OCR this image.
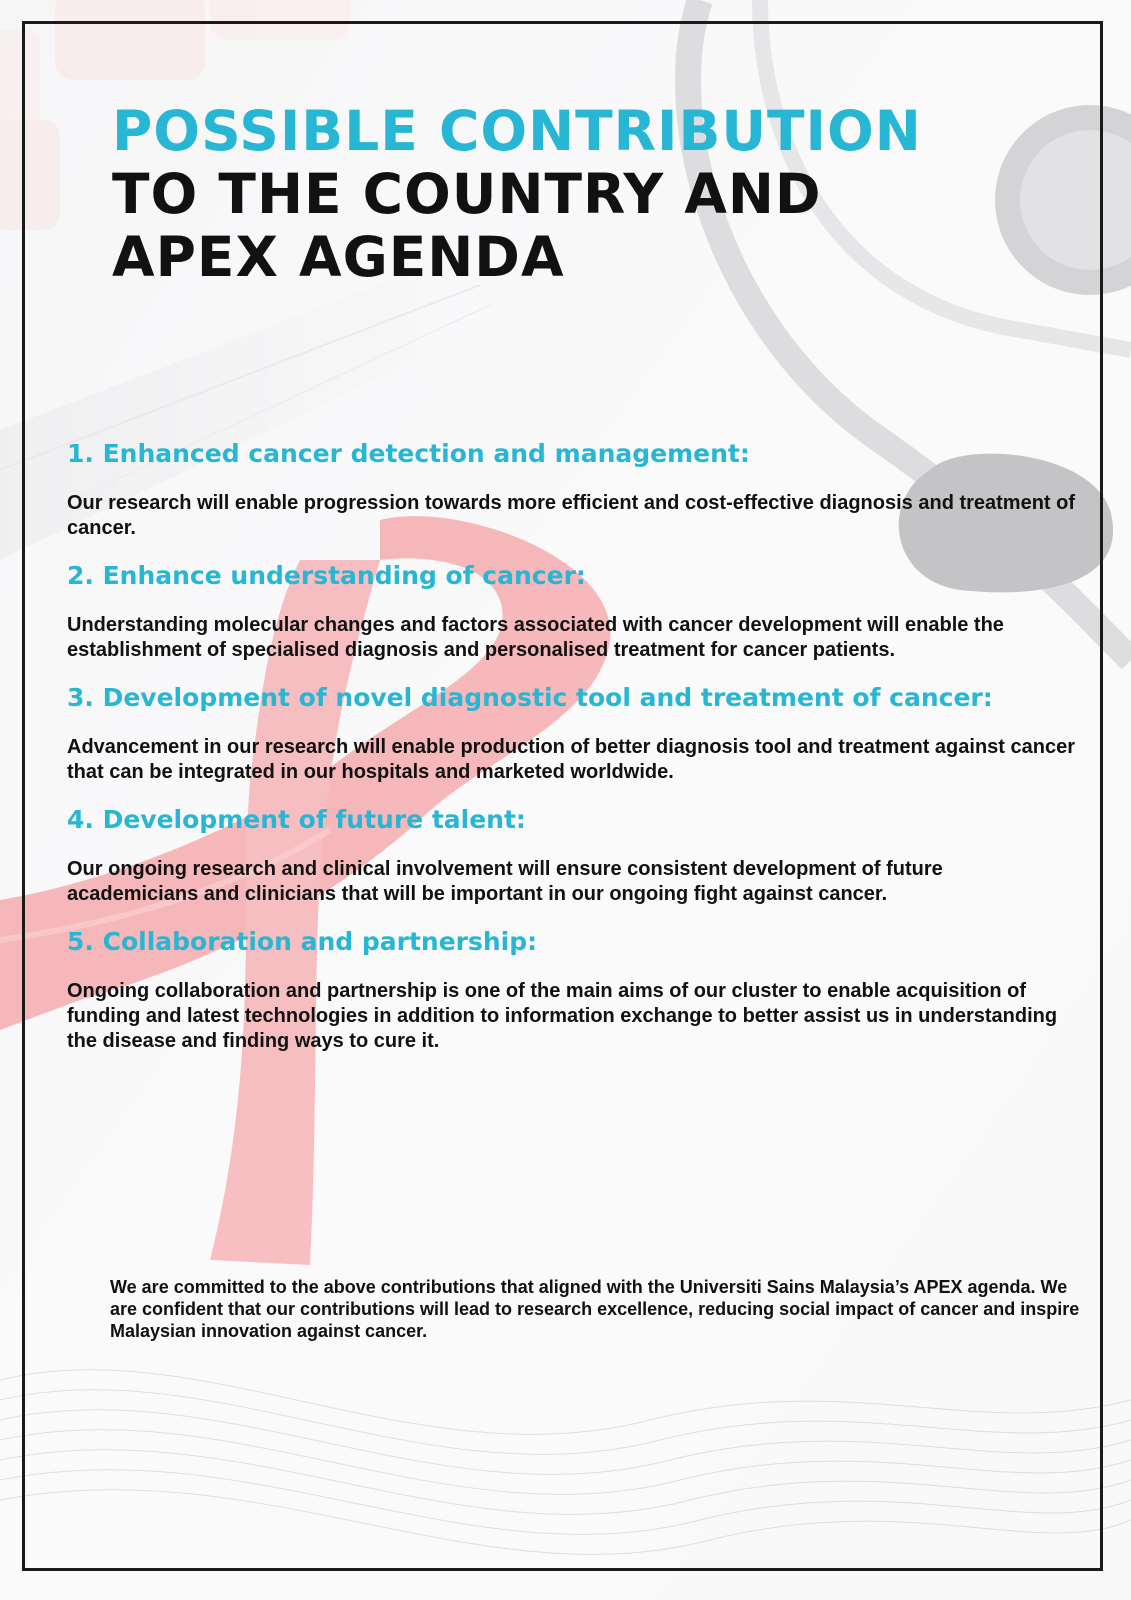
POSSIBLE CONTRIBUTION
TO THE COUNTRY AND
APEX AGENDA
1. Enhanced cancer detection and management:

Our research will enable progression towards more efficient and cost-effective diagnosis and treatment of cancer.

2. Enhance understanding of cancer:

Understanding molecular changes and factors associated with cancer development will enable the establishment of specialised diagnosis and personalised treatment for cancer patients.

3. Development of novel diagnostic tool and treatment of cancer:

Advancement in our research will enable production of better diagnosis tool and treatment against cancer that can be integrated in our hospitals and marketed worldwide.

4. Development of future talent:

Our ongoing research and clinical involvement will ensure consistent development of future academicians and clinicians that will be important in our ongoing fight against cancer.

5. Collaboration and partnership:

Ongoing collaboration and partnership is one of the main aims of our cluster to enable acquisition of funding and latest technologies in addition to information exchange to better assist us in understanding the disease and finding ways to cure it.

We are committed to the above contributions that aligned with the Universiti Sains Malaysia’s APEX agenda. We are confident that our contributions will lead to research excellence, reducing social impact of cancer and inspire Malaysian innovation against cancer.
